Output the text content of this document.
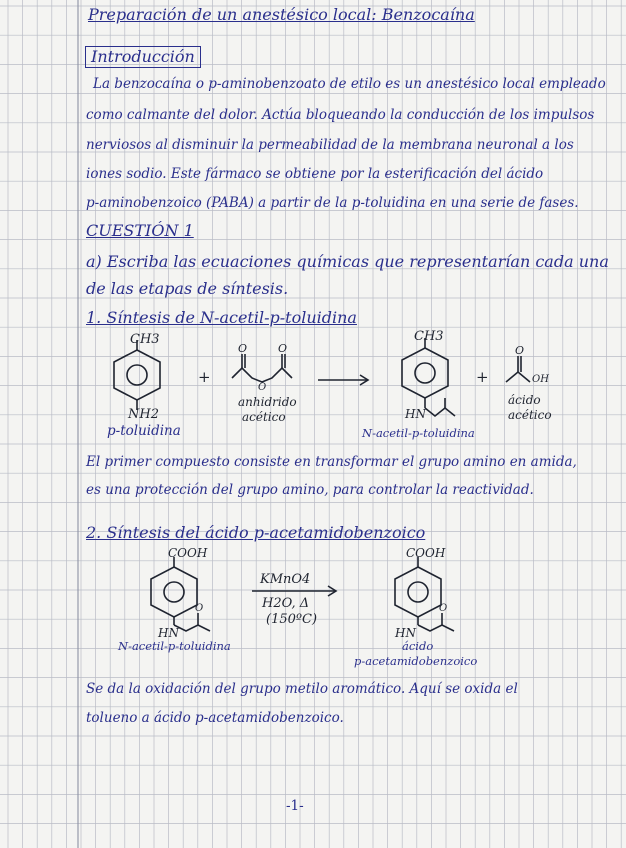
Preparación de un anestésico local: Benzocaína
Introducción
La benzocaína o p-aminobenzoato de etilo es un anestésico local empleado
como calmante del dolor. Actúa bloqueando la conducción de los impulsos
nerviosos al disminuir la permeabilidad de la membrana neuronal a los
iones sodio. Este fármaco se obtiene por la esterificación del ácido
p-aminobenzoico (PABA) a partir de la p-toluidina en una serie de fases.
CUESTIÓN 1
a) Escriba las ecuaciones químicas que representarían cada una
de las etapas de síntesis.
1. Síntesis de N-acetil-p-toluidina
CH3
NH2
+
O	O
O
anhidrido
acético
CH3
HN
+
O
OH
ácido
acético
p-toluidina	N-acetil-p-toluidina
El primer compuesto consiste en transformar el grupo amino en amida,
es una protección del grupo amino, para controlar la reactividad.
2. Síntesis del ácido p-acetamidobenzoico
COOH
HN
O
KMnO4
H2O, Δ
(150ºC)
COOH
HN
O
N-acetil-p-toluidina	ácido
p-acetamidobenzoico
Se da la oxidación del grupo metilo aromático. Aquí se oxida el
tolueno a ácido p-acetamidobenzoico.
-1-
